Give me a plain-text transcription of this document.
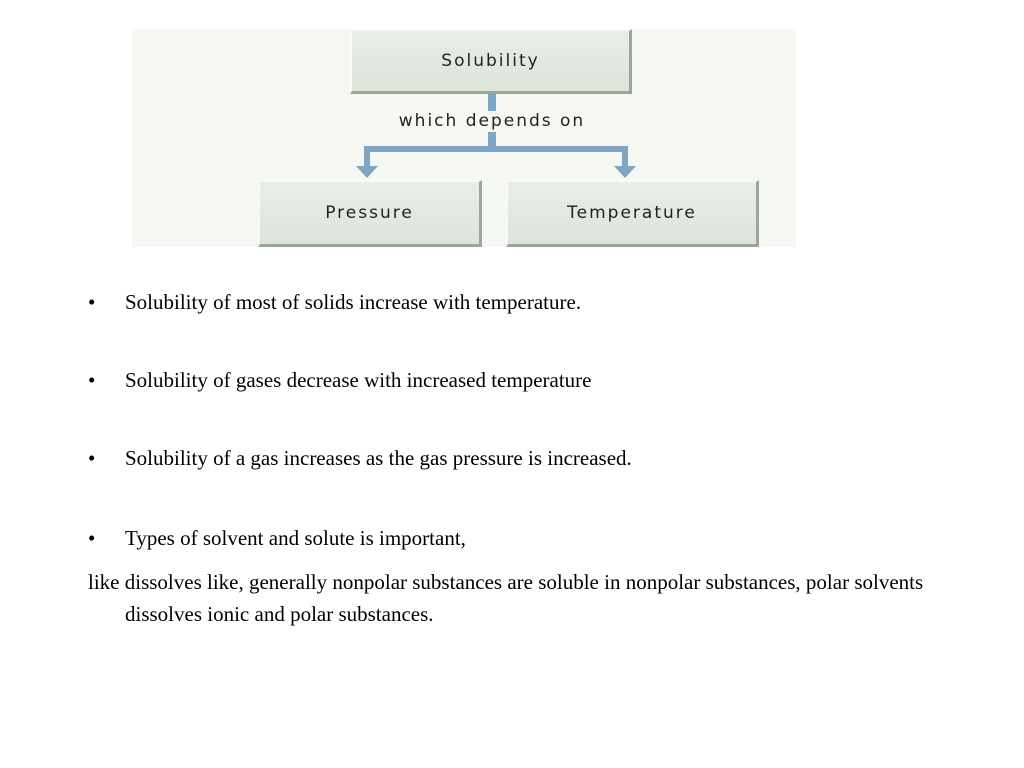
Solubility
which depends on
Pressure	Temperature
•	Solubility of most of solids increase with temperature.
•	Solubility of gases decrease with increased temperature
•	Solubility of a gas increases as the gas pressure is increased.
•	Types of solvent and solute is important,
like dissolves like, generally nonpolar substances are soluble in nonpolar substances, polar solvents dissolves ionic and polar substances.
